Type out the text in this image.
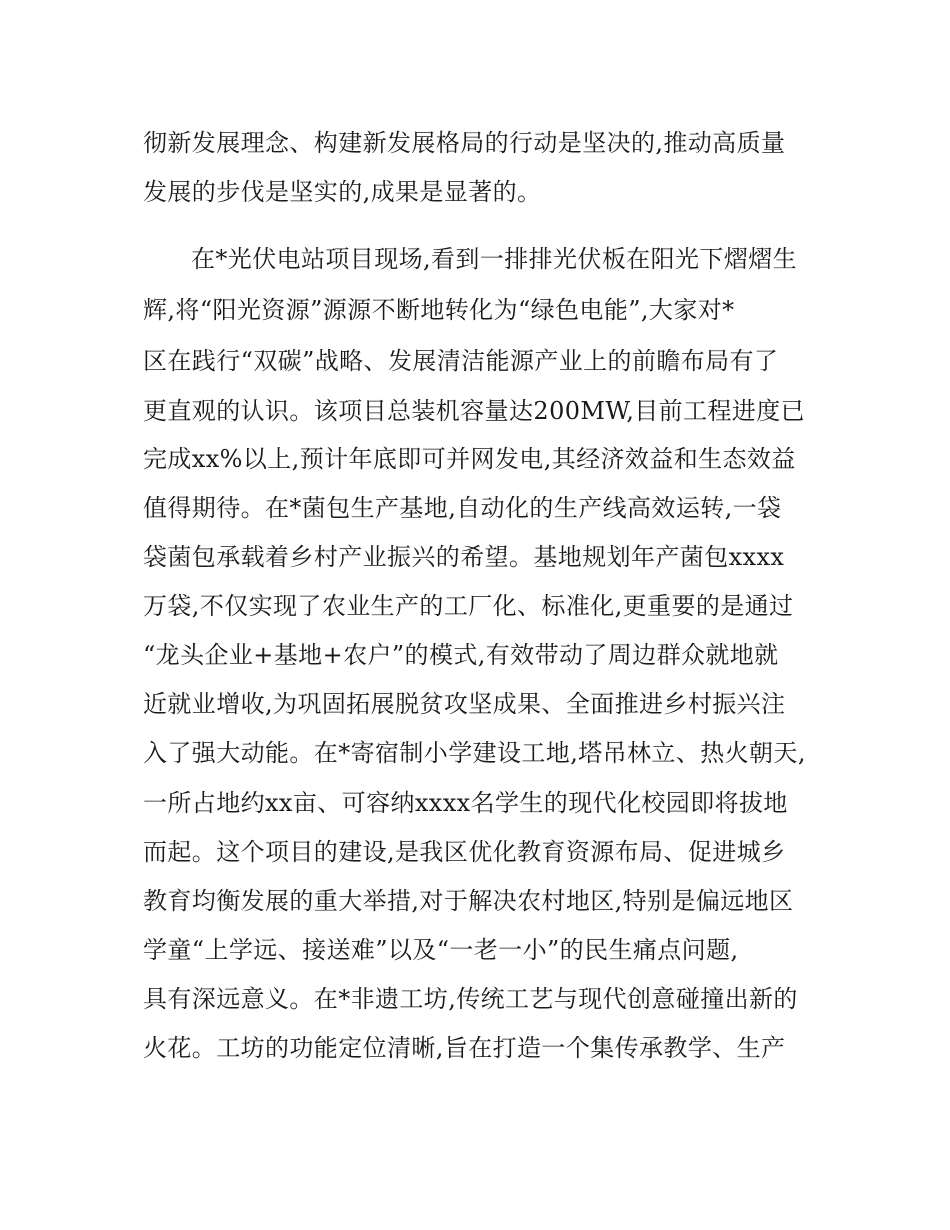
彻新发展理念、构建新发展格局的行动是坚决的,推动高质量
发展的步伐是坚实的,成果是显著的。
在*光伏电站项目现场,看到一排排光伏板在阳光下熠熠生
辉,将“阳光资源”源源不断地转化为“绿色电能”,大家对*
区在践行“双碳”战略、发展清洁能源产业上的前瞻布局有了
更直观的认识。该项目总装机容量达200MW,目前工程进度已
完成xx%以上,预计年底即可并网发电,其经济效益和生态效益
值得期待。在*菌包生产基地,自动化的生产线高效运转,一袋
袋菌包承载着乡村产业振兴的希望。基地规划年产菌包xxxx
万袋,不仅实现了农业生产的工厂化、标准化,更重要的是通过
“龙头企业+基地+农户”的模式,有效带动了周边群众就地就
近就业增收,为巩固拓展脱贫攻坚成果、全面推进乡村振兴注
入了强大动能。在*寄宿制小学建设工地,塔吊林立、热火朝天,
一所占地约xx亩、可容纳xxxx名学生的现代化校园即将拔地
而起。这个项目的建设,是我区优化教育资源布局、促进城乡
教育均衡发展的重大举措,对于解决农村地区,特别是偏远地区
学童“上学远、接送难”以及“一老一小”的民生痛点问题,
具有深远意义。在*非遗工坊,传统工艺与现代创意碰撞出新的
火花。工坊的功能定位清晰,旨在打造一个集传承教学、生产
